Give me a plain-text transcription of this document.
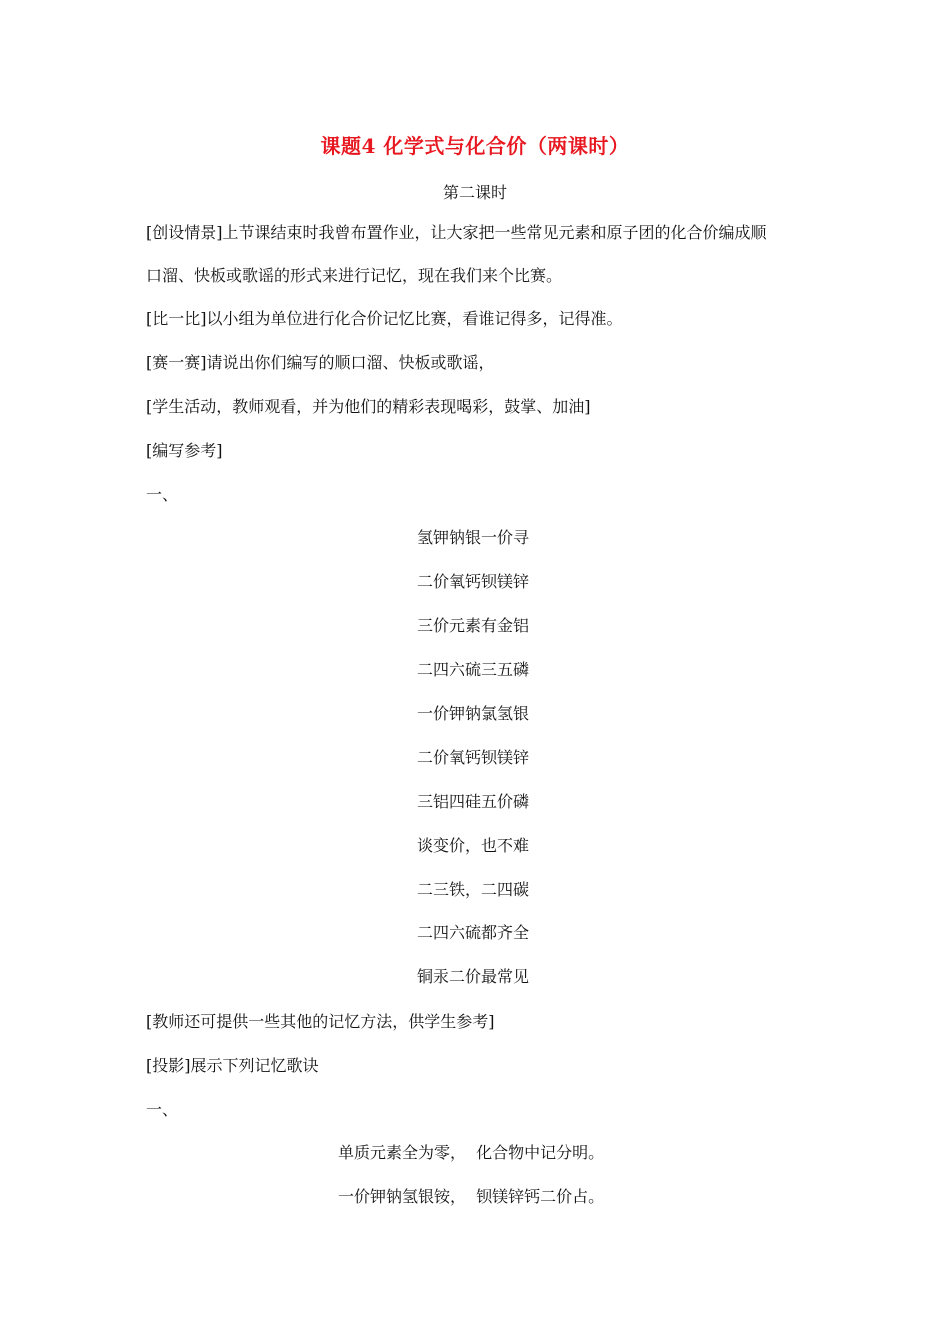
课题4 化学式与化合价（两课时）
第二课时
[创设情景]上节课结束时我曾布置作业，让大家把一些常见元素和原子团的化合价编成顺
口溜、快板或歌谣的形式来进行记忆，现在我们来个比赛。
[比一比]以小组为单位进行化合价记忆比赛，看谁记得多，记得准。
[赛一赛]请说出你们编写的顺口溜、快板或歌谣，
[学生活动，教师观看，并为他们的精彩表现喝彩，鼓掌、加油]
[编写参考]
一、
氢钾钠银一价寻
二价氧钙钡镁锌
三价元素有金铝
二四六硫三五磷
一价钾钠氯氢银
二价氧钙钡镁锌
三铝四硅五价磷
谈变价，也不难
二三铁，二四碳
二四六硫都齐全
铜汞二价最常见
[教师还可提供一些其他的记忆方法，供学生参考]
[投影]展示下列记忆歌诀
一、
单质元素全为零，  化合物中记分明。
一价钾钠氢银铵，  钡镁锌钙二价占。
